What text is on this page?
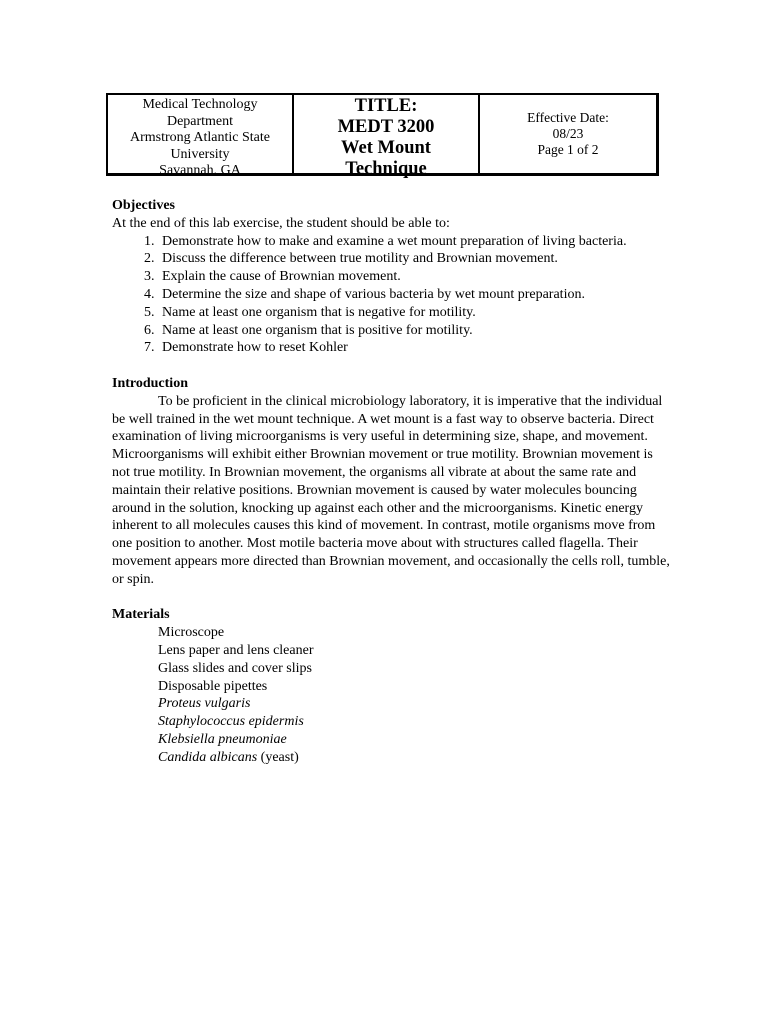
Medical Technology
Department
Armstrong Atlantic State
University
Savannah, GA
TITLE:
MEDT 3200
Wet Mount
Technique
Effective Date:
08/23
Page 1 of 2
Objectives
At the end of this lab exercise, the student should be able to:
1. Demonstrate how to make and examine a wet mount preparation of living bacteria.
2. Discuss the difference between true motility and Brownian movement.
3. Explain the cause of Brownian movement.
4. Determine the size and shape of various bacteria by wet mount preparation.
5. Name at least one organism that is negative for motility.
6. Name at least one organism that is positive for motility.
7. Demonstrate how to reset Kohler
Introduction

To be proficient in the clinical microbiology laboratory, it is imperative that the individual be well trained in the wet mount technique. A wet mount is a fast way to observe bacteria. Direct examination of living microorganisms is very useful in determining size, shape, and movement. Microorganisms will exhibit either Brownian movement or true motility. Brownian movement is not true motility. In Brownian movement, the organisms all vibrate at about the same rate and maintain their relative positions. Brownian movement is caused by water molecules bouncing around in the solution, knocking up against each other and the microorganisms. Kinetic energy inherent to all molecules causes this kind of movement. In contrast, motile organisms move from one position to another. Most motile bacteria move about with structures called flagella. Their movement appears more directed than Brownian movement, and occasionally the cells roll, tumble, or spin.

Materials
Microscope
Lens paper and lens cleaner
Glass slides and cover slips
Disposable pipettes
Proteus vulgaris
Staphylococcus epidermis
Klebsiella pneumoniae
Candida albicans (yeast)
